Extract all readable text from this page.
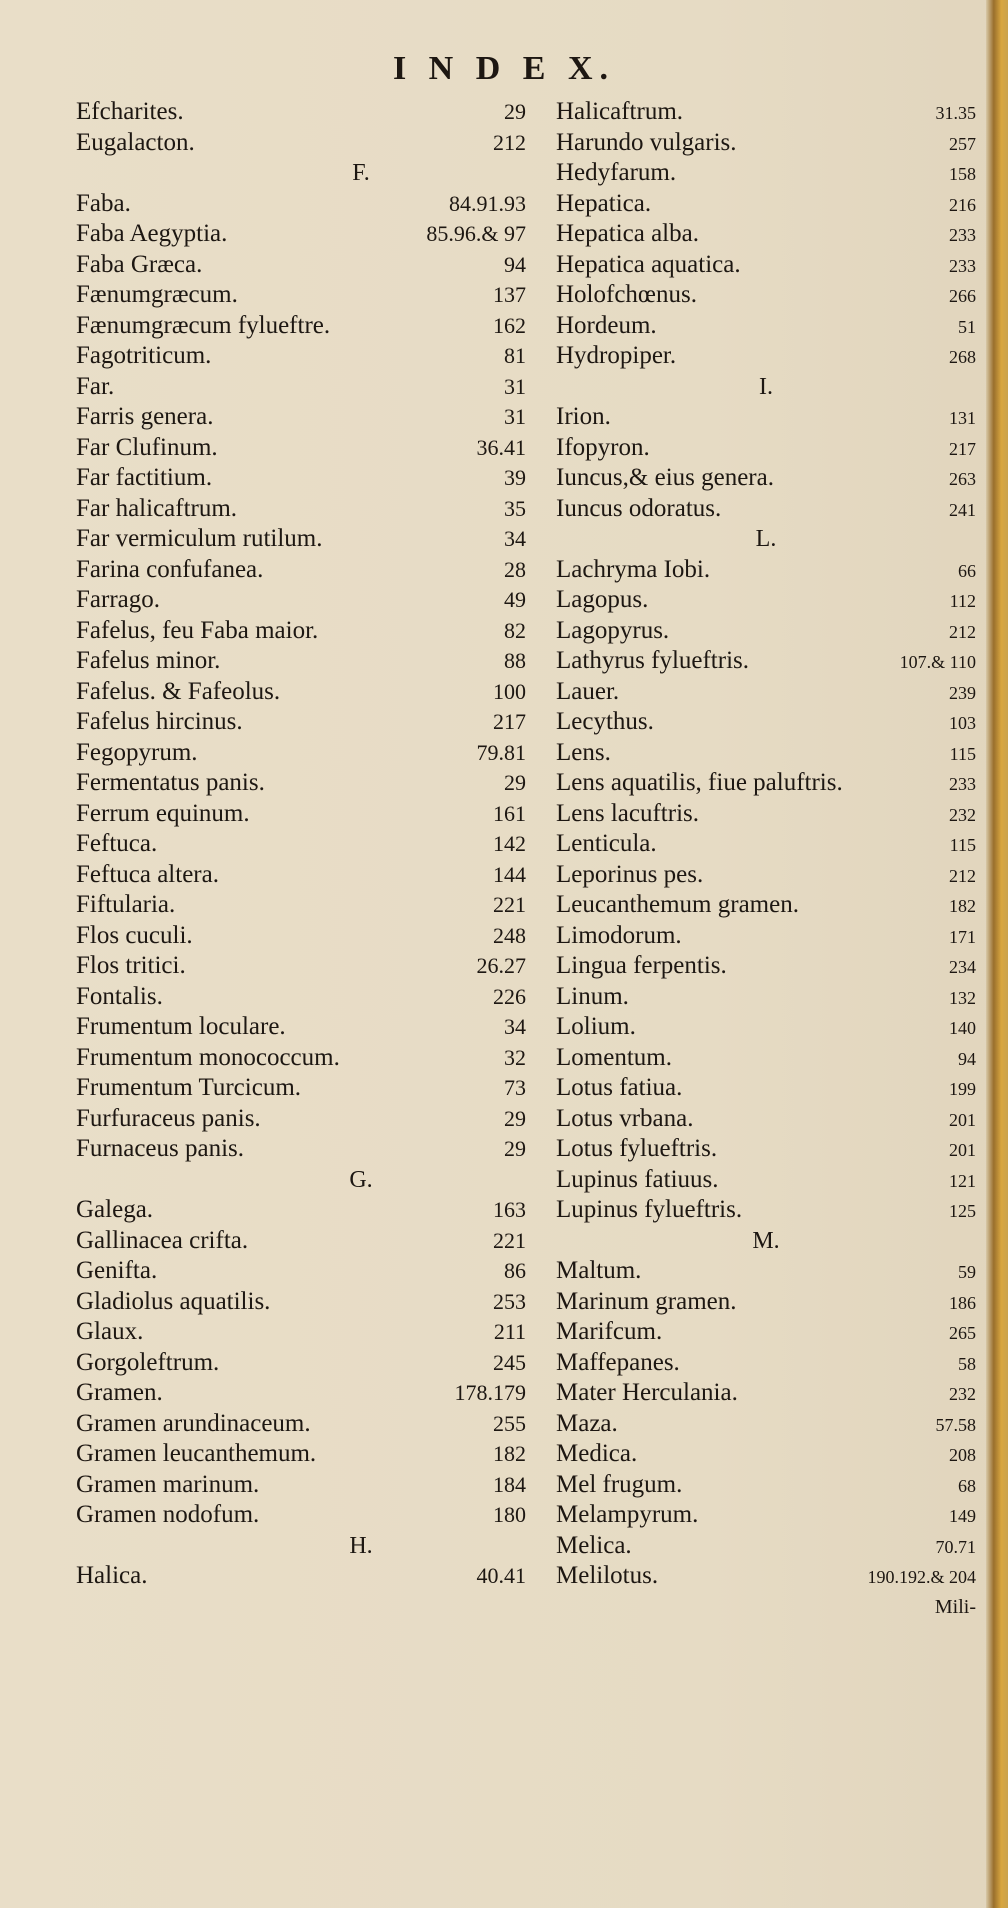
I N D E X.
Efcharites.	29
Eugalacton.	212
F.
Faba.	84.91.93
Faba Aegyptia.	85.96.& 97
Faba Græca.	94
Fænumgræcum.	137
Fænumgræcum fylueftre.	162
Fagotriticum.	81
Far.	31
Farris genera.	31
Far Clufinum.	36.41
Far factitium.	39
Far halicaftrum.	35
Far vermiculum rutilum.	34
Farina confufanea.	28
Farrago.	49
Fafelus, feu Faba maior.	82
Fafelus minor.	88
Fafelus. & Fafeolus.	100
Fafelus hircinus.	217
Fegopyrum.	79.81
Fermentatus panis.	29
Ferrum equinum.	161
Feftuca.	142
Feftuca altera.	144
Fiftularia.	221
Flos cuculi.	248
Flos tritici.	26.27
Fontalis.	226
Frumentum loculare.	34
Frumentum monococcum.	32
Frumentum Turcicum.	73
Furfuraceus panis.	29
Furnaceus panis.	29
G.
Galega.	163
Gallinacea crifta.	221
Genifta.	86
Gladiolus aquatilis.	253
Glaux.	211
Gorgoleftrum.	245
Gramen.	178.179
Gramen arundinaceum.	255
Gramen leucanthemum.	182
Gramen marinum.	184
Gramen nodofum.	180
H.
Halica.	40.41
Halicaftrum.	31.35
Harundo vulgaris.	257
Hedyfarum.	158
Hepatica.	216
Hepatica alba.	233
Hepatica aquatica.	233
Holofchœnus.	266
Hordeum.	51
Hydropiper.	268
I.
Irion.	131
Ifopyron.	217
Iuncus,& eius genera.	263
Iuncus odoratus.	241
L.
Lachryma Iobi.	66
Lagopus.	112
Lagopyrus.	212
Lathyrus fylueftris.	107.& 110
Lauer.	239
Lecythus.	103
Lens.	115
Lens aquatilis, fiue paluftris.	233
Lens lacuftris.	232
Lenticula.	115
Leporinus pes.	212
Leucanthemum gramen.	182
Limodorum.	171
Lingua ferpentis.	234
Linum.	132
Lolium.	140
Lomentum.	94
Lotus fatiua.	199
Lotus vrbana.	201
Lotus fylueftris.	201
Lupinus fatiuus.	121
Lupinus fylueftris.	125
M.
Maltum.	59
Marinum gramen.	186
Marifcum.	265
Maffepanes.	58
Mater Herculania.	232
Maza.	57.58
Medica.	208
Mel frugum.	68
Melampyrum.	149
Melica.	70.71
Melilotus.	190.192.& 204
Mili-
